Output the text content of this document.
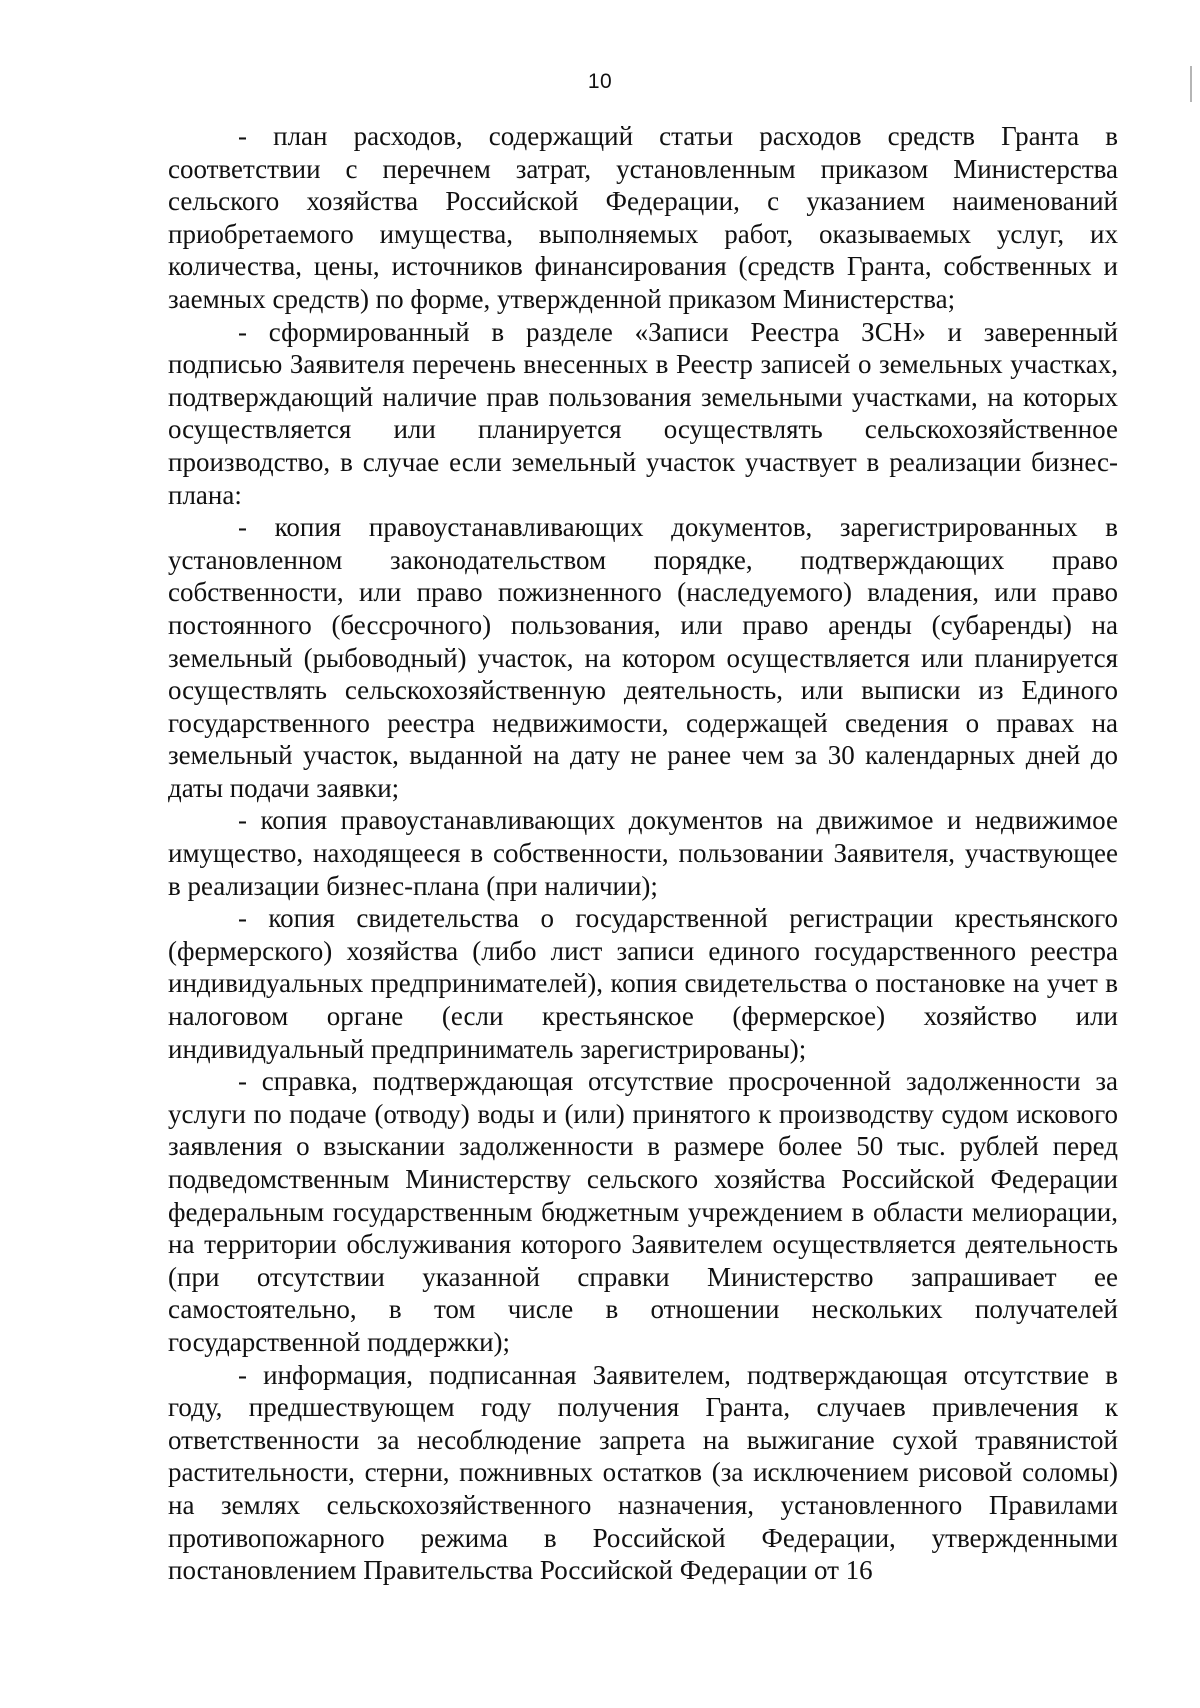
10

- план расходов, содержащий статьи расходов средств Гранта в соответствии с перечнем затрат, установленным приказом Министерства сельского хозяйства Российской Федерации, с указанием наименований приобретаемого имущества, выполняемых работ, оказываемых услуг, их количества, цены, источников финансирования (средств Гранта, собственных и заемных средств) по форме, утвержденной приказом Министерства;

- сформированный в разделе «Записи Реестра ЗСН» и заверенный подписью Заявителя перечень внесенных в Реестр записей о земельных участках, подтверждающий наличие прав пользования земельными участками, на которых осуществляется или планируется осуществлять сельскохозяйственное производство, в случае если земельный участок участвует в реализации бизнес-плана:

- копия правоустанавливающих документов, зарегистрированных в установленном законодательством порядке, подтверждающих право собственности, или право пожизненного (наследуемого) владения, или право постоянного (бессрочного) пользования, или право аренды (субаренды) на земельный (рыбоводный) участок, на котором осуществляется или планируется осуществлять сельскохозяйственную деятельность, или выписки из Единого государственного реестра недвижимости, содержащей сведения о правах на земельный участок, выданной на дату не ранее чем за 30 календарных дней до даты подачи заявки;

- копия правоустанавливающих документов на движимое и недвижимое имущество, находящееся в собственности, пользовании Заявителя, участвующее в реализации бизнес-плана (при наличии);

- копия свидетельства о государственной регистрации крестьянского (фермерского) хозяйства (либо лист записи единого государственного реестра индивидуальных предпринимателей), копия свидетельства о постановке на учет в налоговом органе (если крестьянское (фермерское) хозяйство или индивидуальный предприниматель зарегистрированы);

- справка, подтверждающая отсутствие просроченной задолженности за услуги по подаче (отводу) воды и (или) принятого к производству судом искового заявления о взыскании задолженности в размере более 50 тыс. рублей перед подведомственным Министерству сельского хозяйства Российской Федерации федеральным государственным бюджетным учреждением в области мелиорации, на территории обслуживания которого Заявителем осуществляется деятельность (при отсутствии указанной справки Министерство запрашивает ее самостоятельно, в том числе в отношении нескольких получателей государственной поддержки);

- информация, подписанная Заявителем, подтверждающая отсутствие в году, предшествующем году получения Гранта, случаев привлечения к ответственности за несоблюдение запрета на выжигание сухой травянистой растительности, стерни, пожнивных остатков (за исключением рисовой соломы) на землях сельскохозяйственного назначения, установленного Правилами противопожарного режима в Российской Федерации, утвержденными постановлением Правительства Российской Федерации от 16
